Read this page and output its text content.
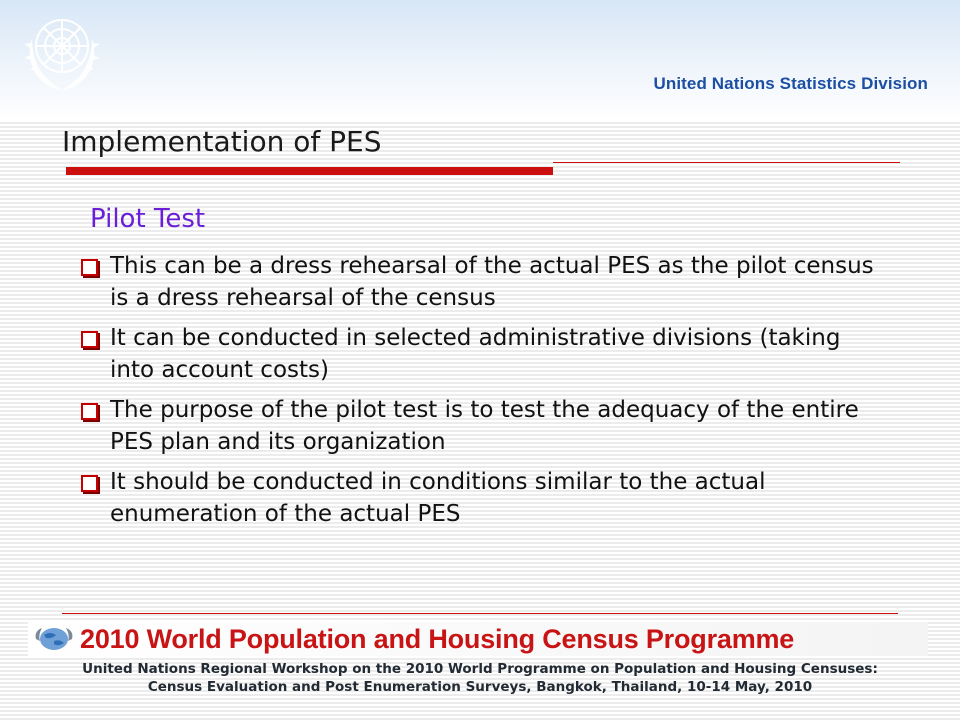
United Nations Statistics Division
Implementation of PES
Pilot Test
This can be a dress rehearsal of the actual PES as the pilot census is a dress rehearsal of the census
It can be conducted in selected administrative divisions (taking into account costs)
The purpose of the pilot test is to test the adequacy of the entire PES plan and its organization
It should be conducted in conditions similar to the actual enumeration of the actual PES
2010 World Population and Housing Census Programme
United Nations Regional Workshop on the 2010 World Programme on Population and Housing Censuses:
Census Evaluation and Post Enumeration Surveys, Bangkok, Thailand, 10-14 May, 2010
